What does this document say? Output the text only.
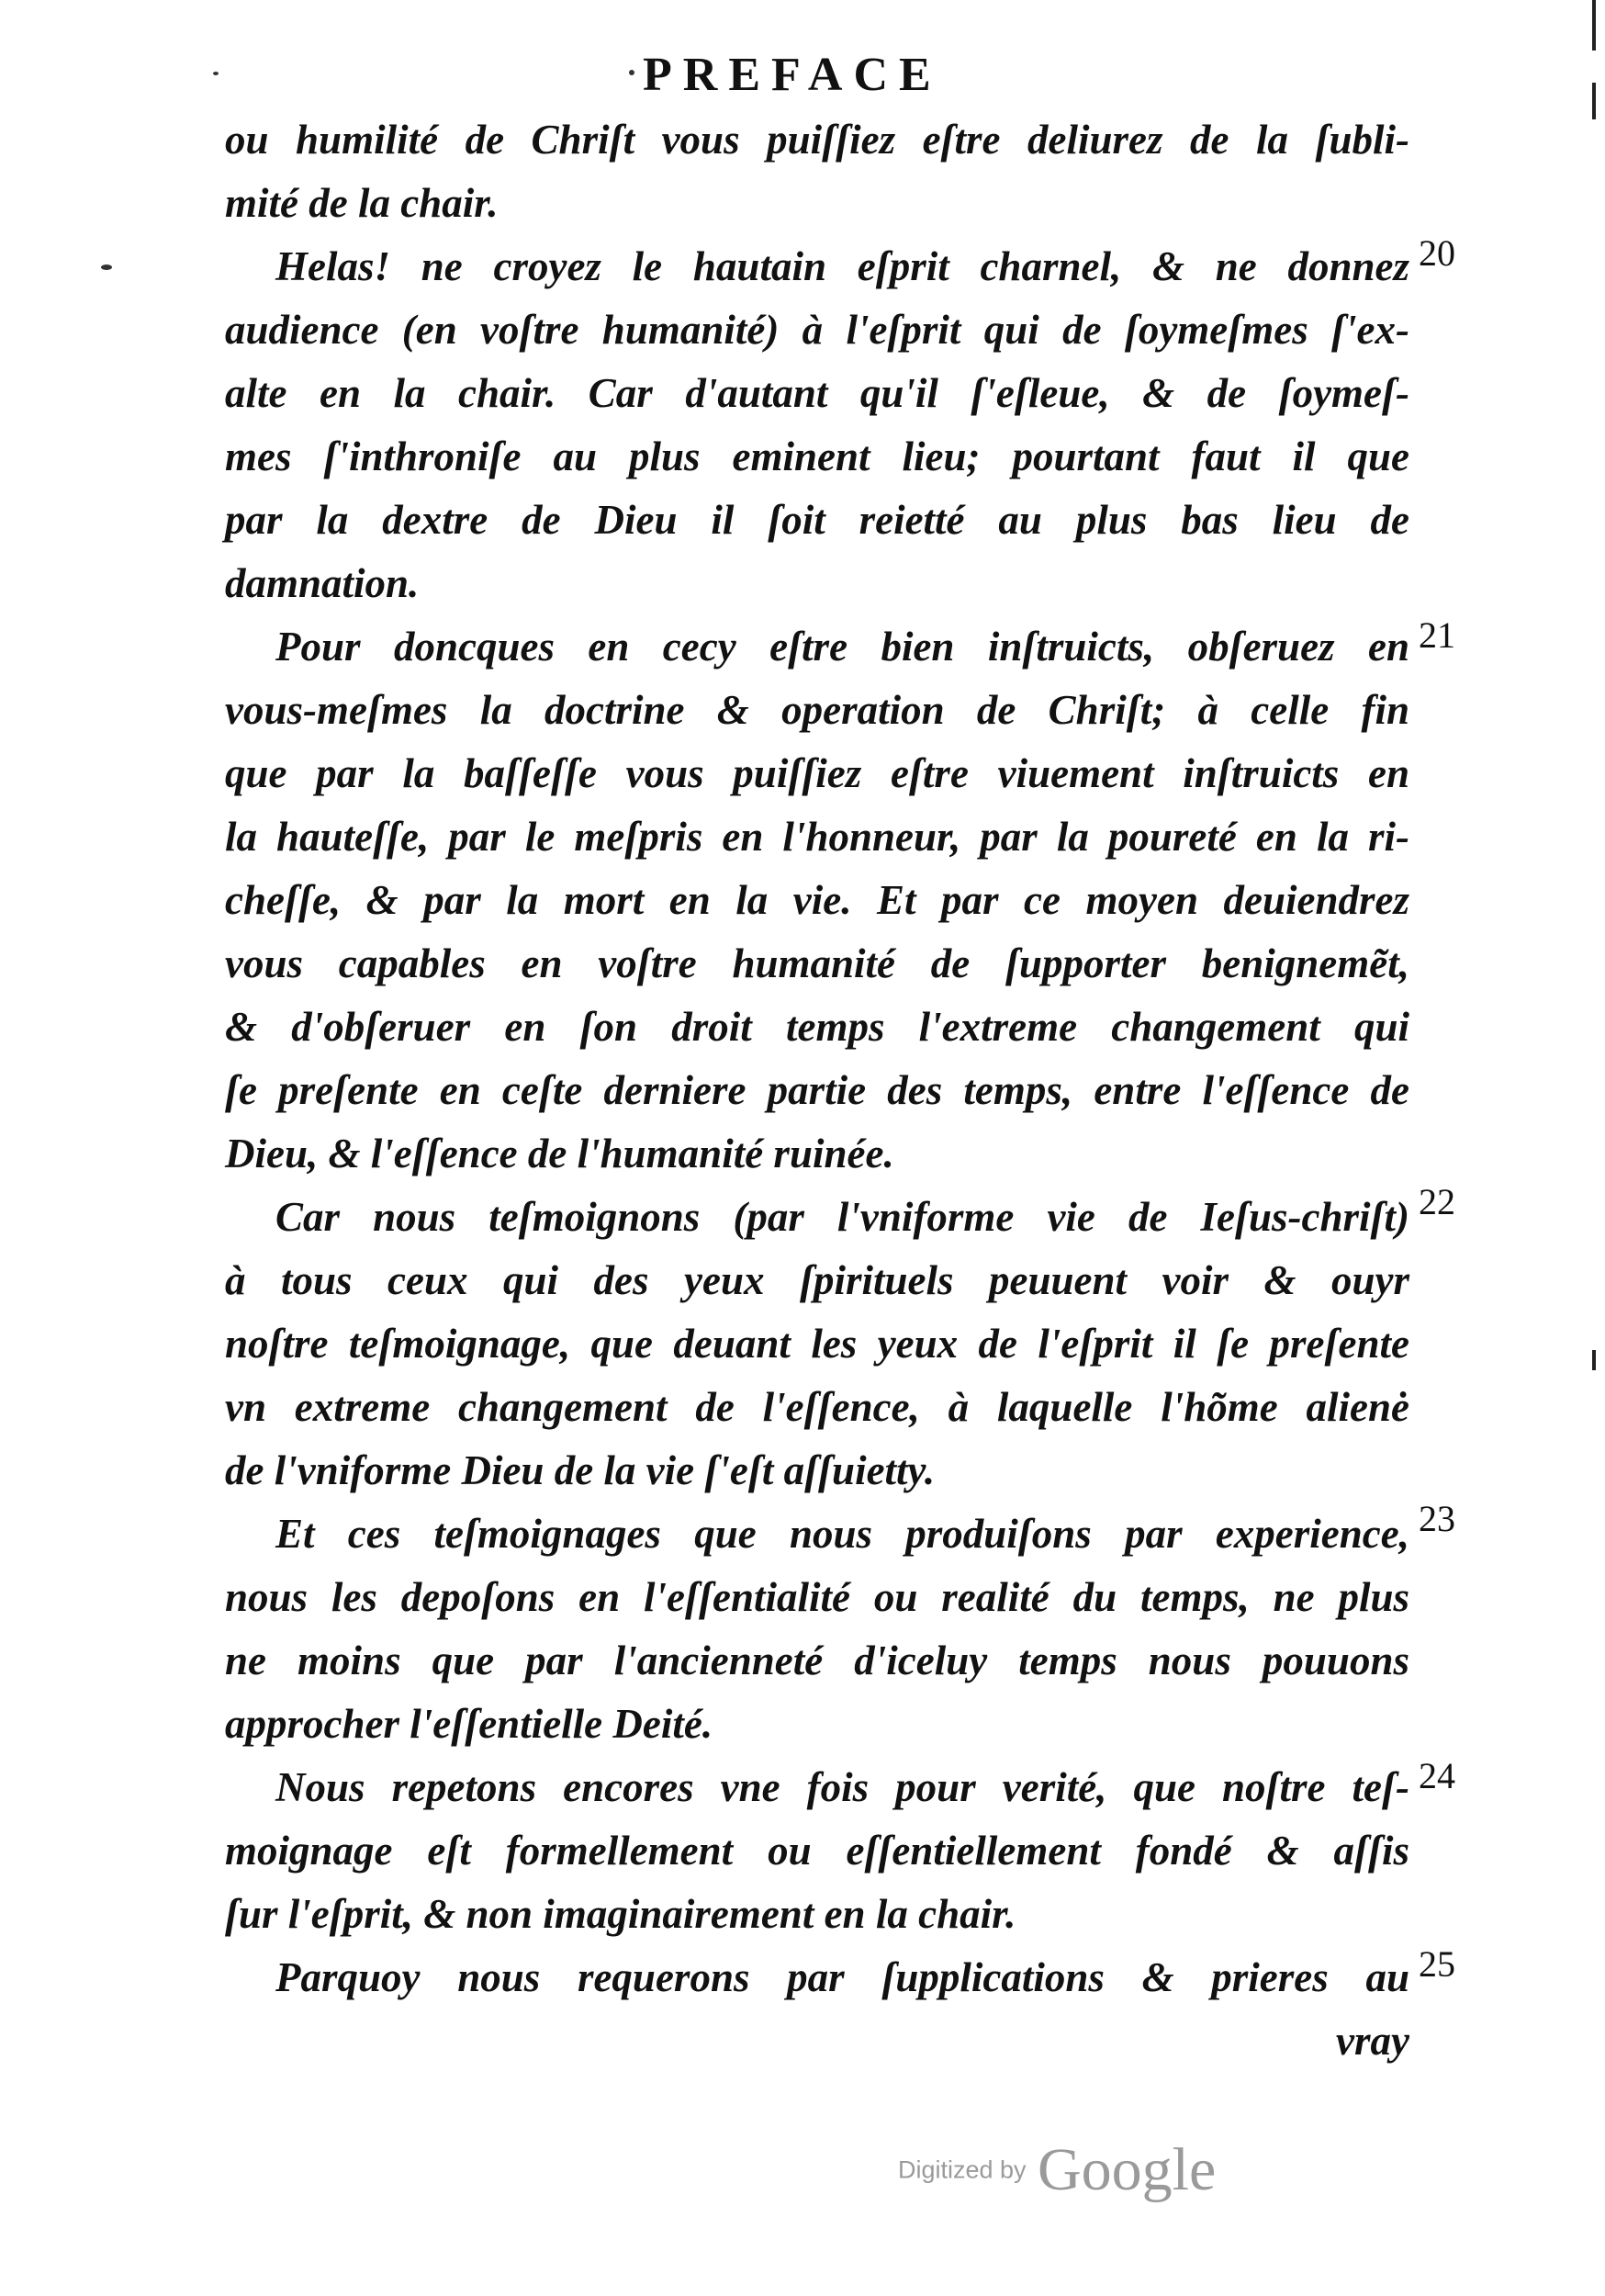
PREFACE
ou humilité de Chriſt vous puiſſiez eſtre deliurez de la ſubli-
mité de la chair.
Helas! ne croyez le hautain eſprit charnel, & ne donnez
audience (en voſtre humanité) à l'eſprit qui de ſoymeſmes ſ'ex-
alte en la chair. Car d'autant qu'il ſ'eſleue, & de ſoymeſ-
mes ſ'inthroniſe au plus eminent lieu; pourtant faut il que
par la dextre de Dieu il ſoit reietté au plus bas lieu de
damnation.
Pour doncques en cecy eſtre bien inſtruicts, obſeruez en
vous-meſmes la doctrine & operation de Chriſt; à celle fin
que par la baſſeſſe vous puiſſiez eſtre viuement inſtruicts en
la hauteſſe, par le meſpris en l'honneur, par la poureté en la ri-
cheſſe, & par la mort en la vie. Et par ce moyen deuiendrez
vous capables en voſtre humanité de ſupporter benignemẽt,
& d'obſeruer en ſon droit temps l'extreme changement qui
ſe preſente en ceſte derniere partie des temps, entre l'eſſence de
Dieu, & l'eſſence de l'humanité ruinée.
Car nous teſmoignons (par l'vniforme vie de Ieſus-chriſt)
à tous ceux qui des yeux ſpirituels peuuent voir & ouyr
noſtre teſmoignage, que deuant les yeux de l'eſprit il ſe preſente
vn extreme changement de l'eſſence, à laquelle l'hõme alienė
de l'vniforme Dieu de la vie ſ'eſt aſſuietty.
Et ces teſmoignages que nous produiſons par experience,
nous les depoſons en l'eſſentialité ou realité du temps, ne plus
ne moins que par l'ancienneté d'iceluy temps nous pouuons
approcher l'eſſentielle Deité.
Nous repetons encores vne fois pour verité, que noſtre teſ-
moignage eſt formellement ou eſſentiellement fondé & aſſis
ſur l'eſprit, & non imaginairement en la chair.
Parquoy nous requerons par ſupplications & prieres au
vray
20
21
22
23
24
25
Digitized by Google
